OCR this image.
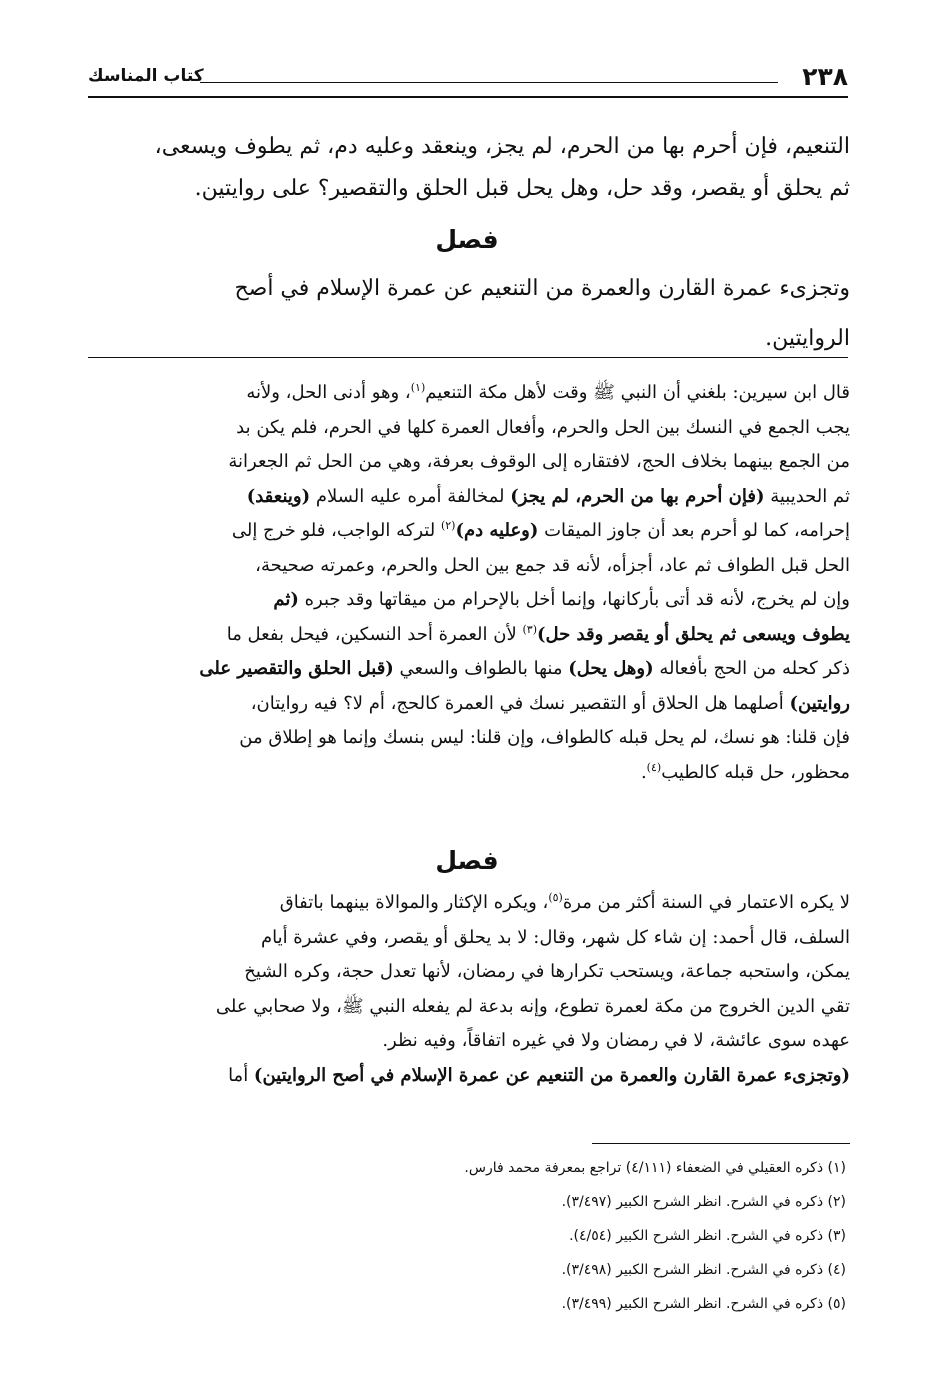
٢٣٨
كتاب المناسك
التنعيم، فإن أحرم بها من الحرم، لم يجز، وينعقد وعليه دم، ثم يطوف ويسعى،
ثم يحلق أو يقصر، وقد حل، وهل يحل قبل الحلق والتقصير؟ على روايتين.
فصل
وتجزىء عمرة القارن والعمرة من التنعيم عن عمرة الإسلام في أصح
الروايتين.
قال ابن سيرين: بلغني أن النبي ﷺ وقت لأهل مكة التنعيم$^{(١)}$، وهو أدنى الحل، ولأنه
يجب الجمع في النسك بين الحل والحرم، وأفعال العمرة كلها في الحرم، فلم يكن بد
من الجمع بينهما بخلاف الحج، لافتقاره إلى الوقوف بعرفة، وهي من الحل ثم الجعرانة
ثم الحديبية (فإن أحرم بها من الحرم، لم يجز) لمخالفة أمره عليه السلام (وينعقد)
إحرامه، كما لو أحرم بعد أن جاوز الميقات (وعليه دم)$^{(٢)}$ لتركه الواجب، فلو خرج إلى
الحل قبل الطواف ثم عاد، أجزأه، لأنه قد جمع بين الحل والحرم، وعمرته صحيحة،
وإن لم يخرج، لأنه قد أتى بأركانها، وإنما أخل بالإحرام من ميقاتها وقد جبره (ثم
يطوف ويسعى ثم يحلق أو يقصر وقد حل)$^{(٣)}$ لأن العمرة أحد النسكين، فيحل بفعل ما
ذكر كحله من الحج بأفعاله (وهل يحل) منها بالطواف والسعي (قبل الحلق والتقصير على
روايتين) أصلهما هل الحلاق أو التقصير نسك في العمرة كالحج، أم لا؟ فيه روايتان،
فإن قلنا: هو نسك، لم يحل قبله كالطواف، وإن قلنا: ليس بنسك وإنما هو إطلاق من
محظور، حل قبله كالطيب$^{(٤)}$.
فصل
لا يكره الاعتمار في السنة أكثر من مرة$^{(٥)}$، ويكره الإكثار والموالاة بينهما باتفاق
السلف، قال أحمد: إن شاء كل شهر، وقال: لا بد يحلق أو يقصر، وفي عشرة أيام
يمكن، واستحبه جماعة، ويستحب تكرارها في رمضان، لأنها تعدل حجة، وكره الشيخ
تقي الدين الخروج من مكة لعمرة تطوع، وإنه بدعة لم يفعله النبي ﷺ، ولا صحابي على
عهده سوى عائشة، لا في رمضان ولا في غيره اتفاقاً، وفيه نظر.
(وتجزىء عمرة القارن والعمرة من التنعيم عن عمرة الإسلام في أصح الروايتين) أما
(١) ذكره العقيلي في الضعفاء (٤/١١١) تراجع بمعرفة محمد فارس.
(٢) ذكره في الشرح. انظر الشرح الكبير (٣/٤٩٧).
(٣) ذكره في الشرح. انظر الشرح الكبير (٤/٥٤).
(٤) ذكره في الشرح. انظر الشرح الكبير (٣/٤٩٨).
(٥) ذكره في الشرح. انظر الشرح الكبير (٣/٤٩٩).
